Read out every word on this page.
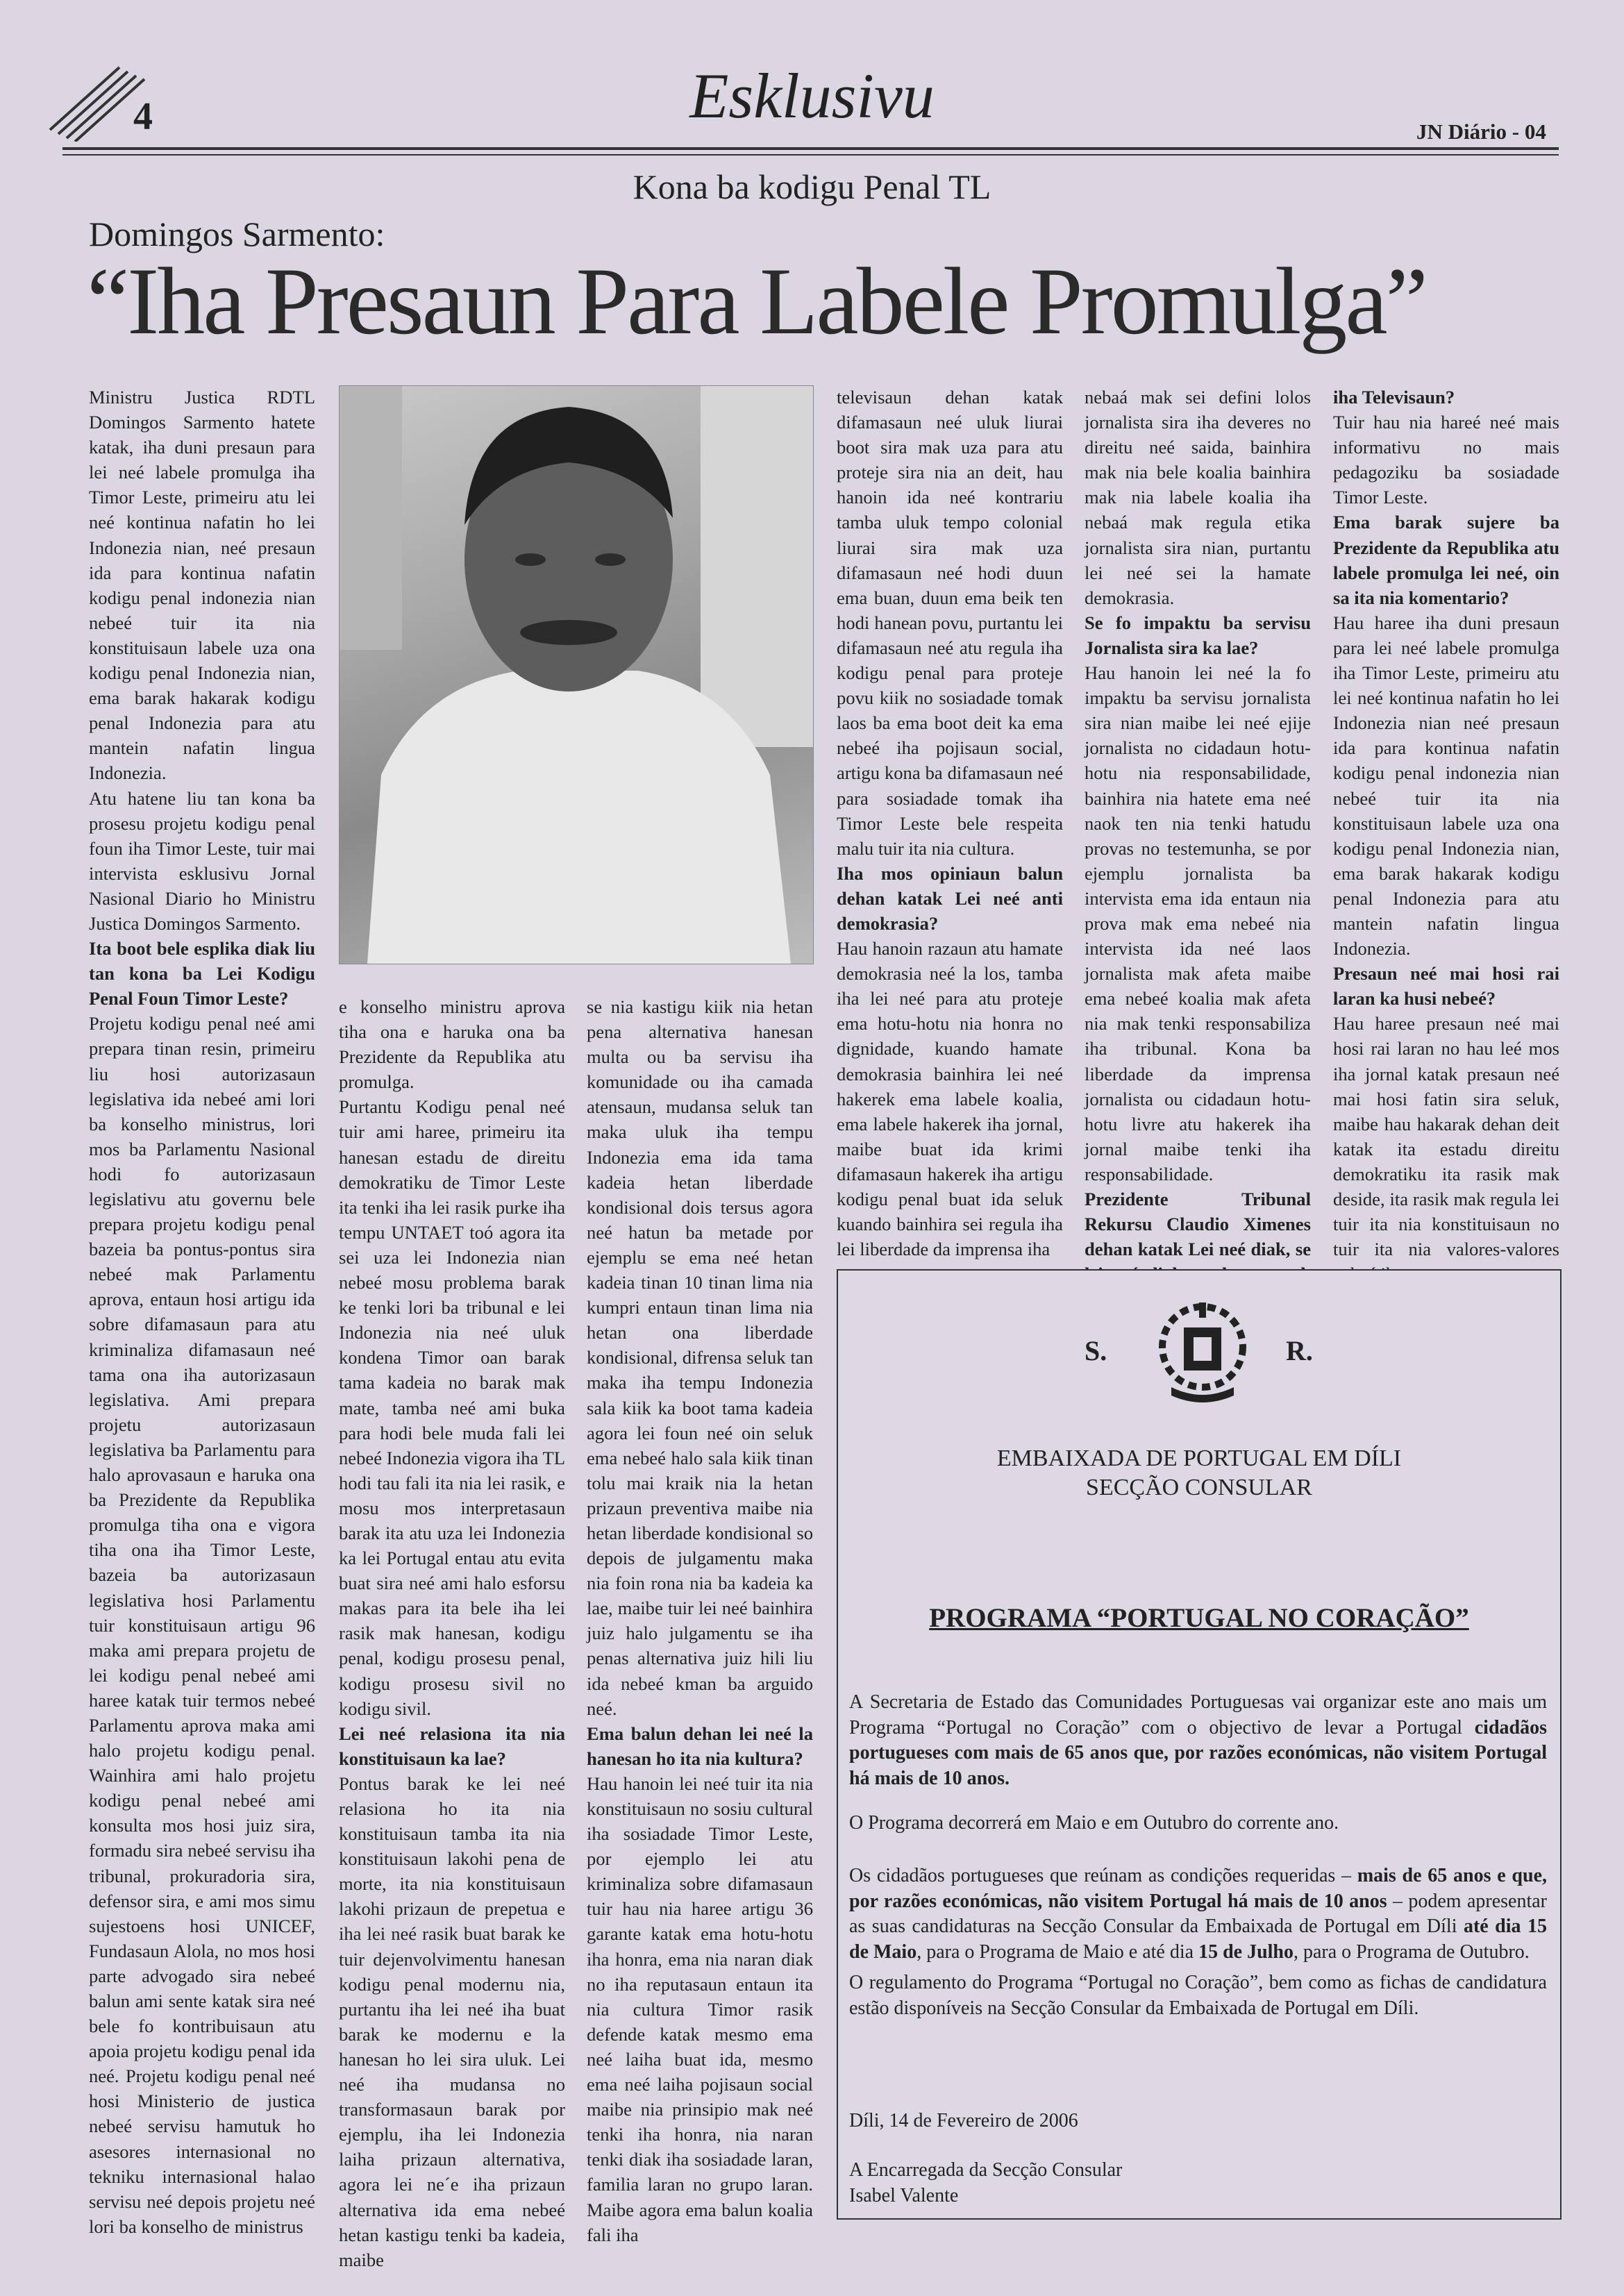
4	Esklusivu
JN Diário - 04
Kona ba kodigu Penal TL
Domingos Sarmento:
“Iha Presaun Para Labele Promulga”

Ministru Justica RDTL Domingos Sarmento hatete katak, iha duni presaun para lei neé labele promulga iha Timor Leste, primeiru atu lei neé kontinua nafatin ho lei Indonezia nian, neé presaun ida para kontinua nafatin kodigu penal indonezia nian nebeé tuir ita nia konstituisaun labele uza ona kodigu penal Indonezia nian, ema barak hakarak kodigu penal Indonezia para atu mantein nafatin lingua Indonezia.

Atu hatene liu tan kona ba prosesu projetu kodigu penal foun iha Timor Leste, tuir mai intervista esklusivu Jornal Nasional Diario ho Ministru Justica Domingos Sarmento.

Ita boot bele esplika diak liu tan kona ba Lei Kodigu Penal Foun Timor Leste?

Projetu kodigu penal neé ami prepara tinan resin, primeiru liu hosi autorizasaun legislativa ida nebeé ami lori ba konselho ministrus, lori mos ba Parlamentu Nasional hodi fo autorizasaun legislativu atu governu bele prepara projetu kodigu penal bazeia ba pontus-pontus sira nebeé mak Parlamentu aprova, entaun hosi artigu ida sobre difamasaun para atu kriminaliza difamasaun neé tama ona iha autorizasaun legislativa. Ami prepara projetu autorizasaun legislativa ba Parlamentu para halo aprovasaun e haruka ona ba Prezidente da Republika promulga tiha ona e vigora tiha ona iha Timor Leste, bazeia ba autorizasaun legislativa hosi Parlamentu tuir konstituisaun artigu 96 maka ami prepara projetu de lei kodigu penal nebeé ami haree katak tuir termos nebeé Parlamentu aprova maka ami halo projetu kodigu penal. Wainhira ami halo projetu kodigu penal nebeé ami konsulta mos hosi juiz sira, formadu sira nebeé servisu iha tribunal, prokuradoria sira, defensor sira, e ami mos simu sujestoens hosi UNICEF, Fundasaun Alola, no mos hosi parte advogado sira nebeé balun ami sente katak sira neé bele fo kontribuisaun atu apoia projetu kodigu penal ida neé. Projetu kodigu penal neé hosi Ministerio de justica nebeé servisu hamutuk ho asesores internasional no tekniku internasional halao servisu neé depois projetu neé lori ba konselho de ministrus

e konselho ministru aprova tiha ona e haruka ona ba Prezidente da Republika atu promulga.

Purtantu Kodigu penal neé tuir ami haree, primeiru ita hanesan estadu de direitu demokratiku de Timor Leste ita tenki iha lei rasik purke iha tempu UNTAET toó agora ita sei uza lei Indonezia nian nebeé mosu problema barak ke tenki lori ba tribunal e lei Indonezia nia neé uluk kondena Timor oan barak tama kadeia no barak mak mate, tamba neé ami buka para hodi bele muda fali lei nebeé Indonezia vigora iha TL hodi tau fali ita nia lei rasik, e mosu mos interpretasaun barak ita atu uza lei Indonezia ka lei Portugal entau atu evita buat sira neé ami halo esforsu makas para ita bele iha lei rasik mak hanesan, kodigu penal, kodigu prosesu penal, kodigu prosesu sivil no kodigu sivil.

Lei neé relasiona ita nia konstituisaun ka lae?

Pontus barak ke lei neé relasiona ho ita nia konstituisaun tamba ita nia konstituisaun lakohi pena de morte, ita nia konstituisaun lakohi prizaun de prepetua e iha lei neé rasik buat barak ke tuir dejenvolvimentu hanesan kodigu penal modernu nia, purtantu iha lei neé iha buat barak ke modernu e la hanesan ho lei sira uluk. Lei neé iha mudansa no transformasaun barak por ejemplu, iha lei Indonezia laiha prizaun alternativa, agora lei ne´e iha prizaun alternativa ida ema nebeé hetan kastigu tenki ba kadeia, maibe

se nia kastigu kiik nia hetan pena alternativa hanesan multa ou ba servisu iha komunidade ou iha camada atensaun, mudansa seluk tan maka uluk iha tempu Indonezia ema ida tama kadeia hetan liberdade kondisional dois tersus agora neé hatun ba metade por ejemplu se ema neé hetan kadeia tinan 10 tinan lima nia kumpri entaun tinan lima nia hetan ona liberdade kondisional, difrensa seluk tan maka iha tempu Indonezia sala kiik ka boot tama kadeia agora lei foun neé oin seluk ema nebeé halo sala kiik tinan tolu mai kraik nia la hetan prizaun preventiva maibe nia hetan liberdade kondisional so depois de julgamentu maka nia foin rona nia ba kadeia ka lae, maibe tuir lei neé bainhira juiz halo julgamentu se iha penas alternativa juiz hili liu ida nebeé kman ba arguido neé.

Ema balun dehan lei neé la hanesan ho ita nia kultura?

Hau hanoin lei neé tuir ita nia konstituisaun no sosiu cultural iha sosiadade Timor Leste, por ejemplo lei atu kriminaliza sobre difamasaun tuir hau nia haree artigu 36 garante katak ema hotu-hotu iha honra, ema nia naran diak no iha reputasaun entaun ita nia cultura Timor rasik defende katak mesmo ema neé laiha buat ida, mesmo ema neé laiha pojisaun social maibe nia prinsipio mak neé tenki iha honra, nia naran tenki diak iha sosiadade laran, familia laran no grupo laran. Maibe agora ema balun koalia fali iha

televisaun dehan katak difamasaun neé uluk liurai boot sira mak uza para atu proteje sira nia an deit, hau hanoin ida neé kontrariu tamba uluk tempo colonial liurai sira mak uza difamasaun neé hodi duun ema buan, duun ema beik ten hodi hanean povu, purtantu lei difamasaun neé atu regula iha kodigu penal para proteje povu kiik no sosiadade tomak laos ba ema boot deit ka ema nebeé iha pojisaun social, artigu kona ba difamasaun neé para sosiadade tomak iha Timor Leste bele respeita malu tuir ita nia cultura.

Iha mos opiniaun balun dehan katak Lei neé anti demokrasia?

Hau hanoin razaun atu hamate demokrasia neé la los, tamba iha lei neé para atu proteje ema hotu-hotu nia honra no dignidade, kuando hamate demokrasia bainhira lei neé hakerek ema labele koalia, ema labele hakerek iha jornal, maibe buat ida krimi difamasaun hakerek iha artigu kodigu penal buat ida seluk kuando bainhira sei regula iha lei liberdade da imprensa iha

nebaá mak sei defini lolos jornalista sira iha deveres no direitu neé saida, bainhira mak nia bele koalia bainhira mak nia labele koalia iha nebaá mak regula etika jornalista sira nian, purtantu lei neé sei la hamate demokrasia.

Se fo impaktu ba servisu Jornalista sira ka lae?

Hau hanoin lei neé la fo impaktu ba servisu jornalista sira nian maibe lei neé ejije jornalista no cidadaun hotu-hotu nia responsabilidade, bainhira nia hatete ema neé naok ten nia tenki hatudu provas no testemunha, se por ejemplu jornalista ba intervista ema ida entaun nia prova mak ema nebeé nia intervista ida neé laos jornalista mak afeta maibe ema nebeé koalia mak afeta nia mak tenki responsabiliza iha tribunal. Kona ba liberdade da imprensa jornalista ou cidadaun hotu-hotu livre atu hakerek iha jornal maibe tenki iha responsabilidade.

Prezidente Tribunal Rekursu Claudio Ximenes dehan katak Lei neé diak, se

iha Televisaun?

Tuir hau nia hareé neé mais informativu no mais pedagoziku ba sosiadade Timor Leste.

Ema barak sujere ba Prezidente da Republika atu labele promulga lei neé, oin sa ita nia komentario?

Hau haree iha duni presaun para lei neé labele promulga iha Timor Leste, primeiru atu lei neé kontinua nafatin ho lei Indonezia nian neé presaun ida para kontinua nafatin kodigu penal indonezia nian nebeé tuir ita nia konstituisaun labele uza ona kodigu penal Indonezia nian, ema barak hakarak kodigu penal Indonezia para atu mantein nafatin lingua Indonezia.

Presaun neé mai hosi rai laran ka husi nebeé?

Hau haree presaun neé mai hosi rai laran no hau leé mos iha jornal katak presaun neé mai hosi fatin sira seluk, maibe hau hakarak dehan deit katak ita estadu direitu demokratiku ita rasik mak deside, ita rasik mak regula lei tuir ita nia konstituisaun no tuir ita nia valores-valores

S.	R.
EMBAIXADA DE PORTUGAL EM DÍLI
SECÇÃO CONSULAR
PROGRAMA “PORTUGAL NO CORAÇÃO”
A Secretaria de Estado das Comunidades Portuguesas vai organizar este ano mais um Programa “Portugal no Coração” com o objectivo de levar a Portugal cidadãos portugueses com mais de 65 anos que, por razões económicas, não visitem Portugal há mais de 10 anos.
O Programa decorrerá em Maio e em Outubro do corrente ano.
Os cidadãos portugueses que reúnam as condições requeridas – mais de 65 anos e que, por razões económicas, não visitem Portugal há mais de 10 anos – podem apresentar as suas candidaturas na Secção Consular da Embaixada de Portugal em Díli até dia 15 de Maio, para o Programa de Maio e até dia 15 de Julho, para o Programa de Outubro.
O regulamento do Programa “Portugal no Coração”, bem como as fichas de candidatura estão disponíveis na Secção Consular da Embaixada de Portugal em Díli.
Díli, 14 de Fevereiro de 2006
A Encarregada da Secção Consular
Isabel Valente
